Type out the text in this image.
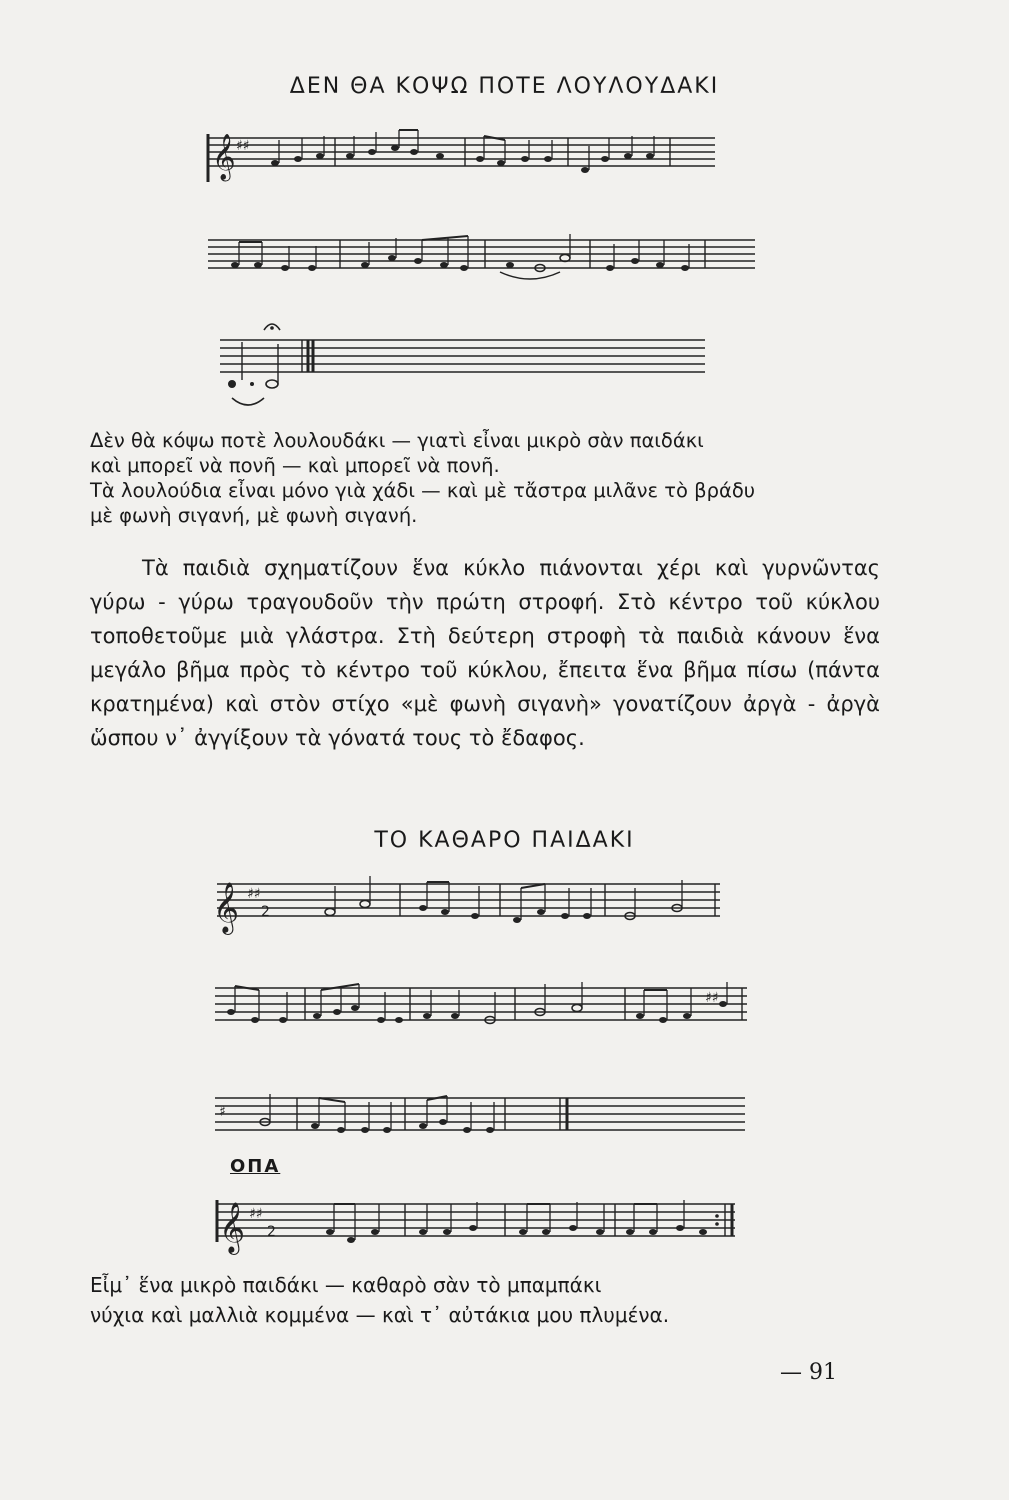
ΔΕΝ ΘΑ ΚΟΨΩ ΠΟΤΕ ΛΟΥΛΟΥΔΑΚΙ
𝄞 ♯♯
Δὲν θὰ κόψω ποτὲ λουλουδάκι — γιατὶ εἶναι μικρὸ σὰν παιδάκι
καὶ μπορεῖ νὰ πονῆ — καὶ μπορεῖ νὰ πονῆ.
Τὰ λουλούδια εἶναι μόνο γιὰ χάδι — καὶ μὲ τἄστρα μιλᾶνε τὸ βράδυ
μὲ φωνὴ σιγανή, μὲ φωνὴ σιγανή.

Τὰ παιδιὰ σχηματίζουν ἕνα κύκλο πιάνονται χέρι καὶ γυρνῶντας γύρω - γύρω τραγουδοῦν τὴν πρώτη στροφή. Στὸ κέντρο τοῦ κύκλου τοποθετοῦμε μιὰ γλάστρα. Στὴ δεύτερη στροφὴ τὰ παιδιὰ κάνουν ἕνα μεγάλο βῆμα πρὸς τὸ κέντρο τοῦ κύκλου, ἔπειτα ἕνα βῆμα πίσω (πάντα κρατημένα) καὶ στὸν στίχο «μὲ φωνὴ σιγανὴ» γονατίζουν ἀργὰ - ἀργὰ ὥσπου ν᾿ ἀγγίξουν τὰ γόνατά τους τὸ ἔδαφος.

ΤΟ ΚΑΘΑΡΟ ΠΑΙΔΑΚΙ
𝄞 ♯♯
2
♯♯
♯
ΟΠΑ
𝄞 ♯♯
2
Εἶμ᾿ ἕνα μικρὸ παιδάκι — καθαρὸ σὰν τὸ μπαμπάκι
νύχια καὶ μαλλιὰ κομμένα — καὶ τ᾿ αὐτάκια μου πλυμένα.
— 91
